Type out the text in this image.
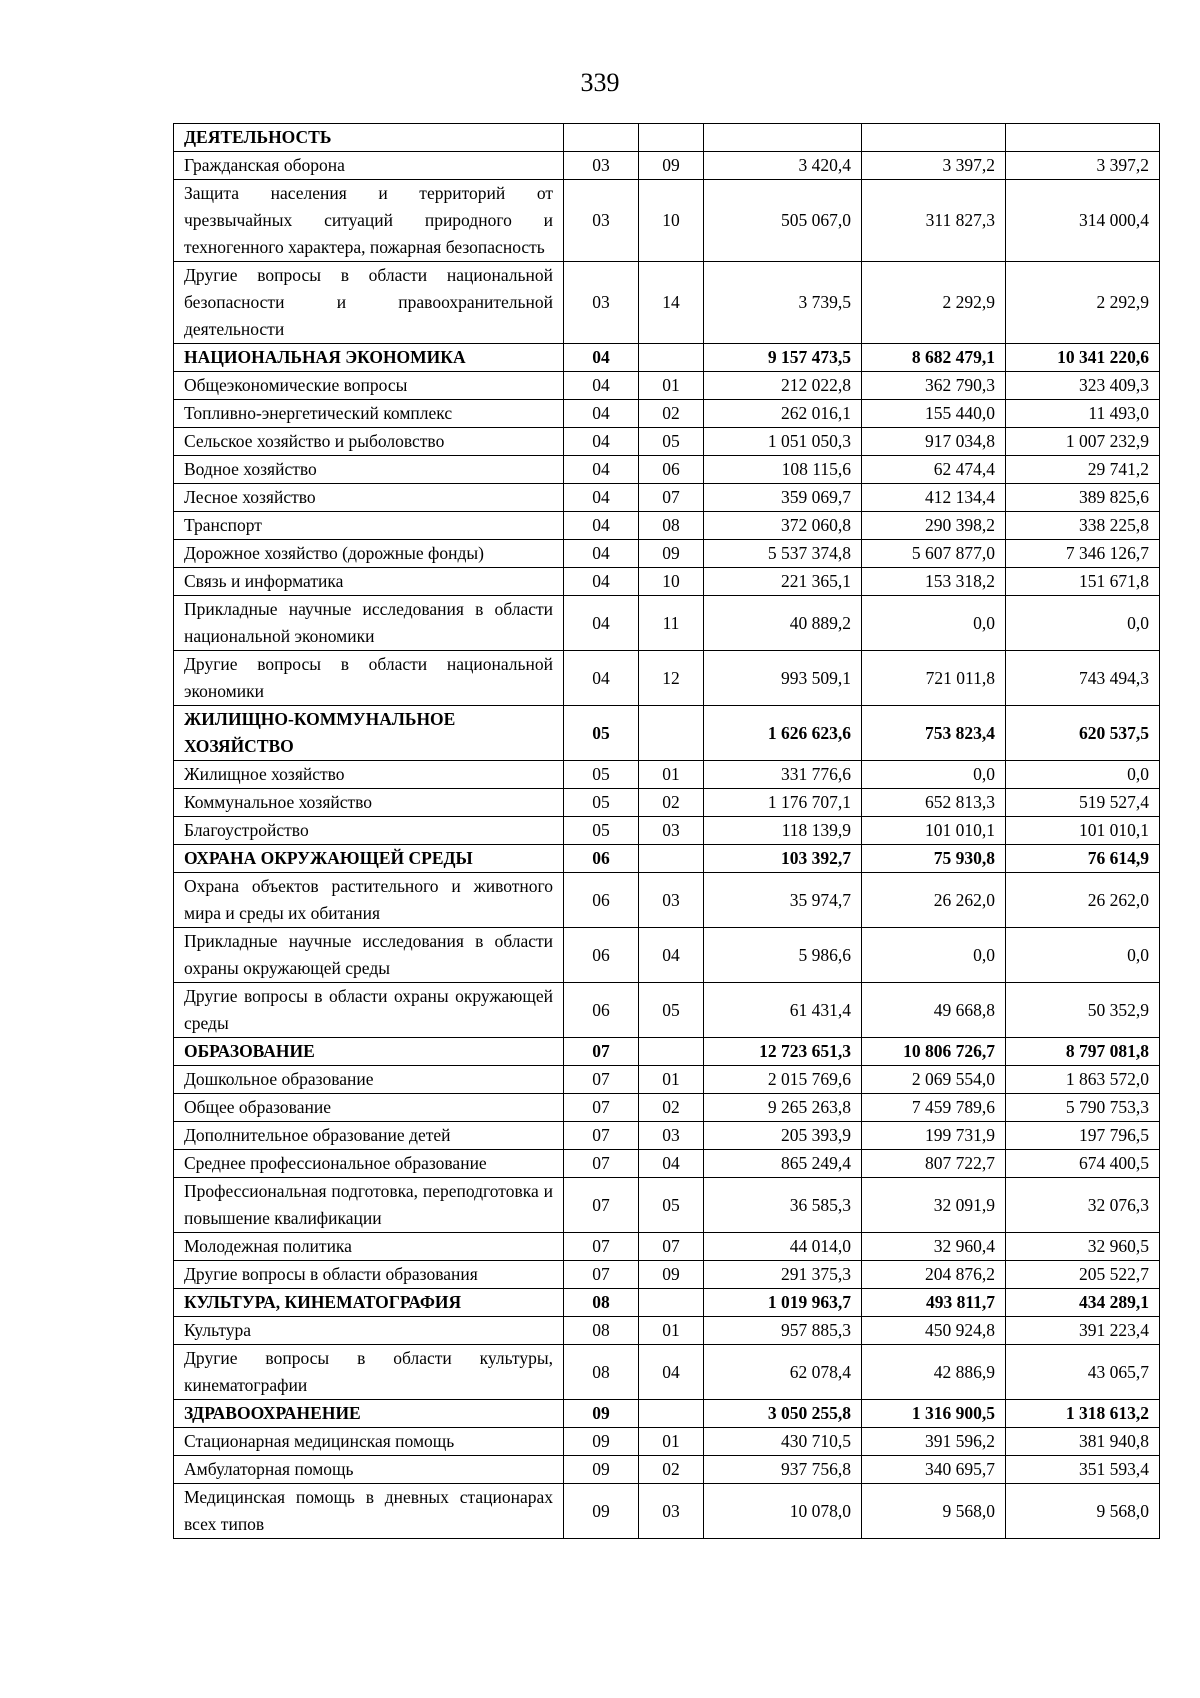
339
ДЕЯТЕЛЬНОСТЬ					
Гражданская оборона	03	09	3 420,4	3 397,2	3 397,2
Защита населения и территорий от чрезвычайных ситуаций природного и техногенного характера, пожарная безопасность	03	10	505 067,0	311 827,3	314 000,4
Другие вопросы в области национальной безопасности и правоохранительной деятельности	03	14	3 739,5	2 292,9	2 292,9
НАЦИОНАЛЬНАЯ ЭКОНОМИКА	04		9 157 473,5	8 682 479,1	10 341 220,6
Общеэкономические вопросы	04	01	212 022,8	362 790,3	323 409,3
Топливно-энергетический комплекс	04	02	262 016,1	155 440,0	11 493,0
Сельское хозяйство и рыболовство	04	05	1 051 050,3	917 034,8	1 007 232,9
Водное хозяйство	04	06	108 115,6	62 474,4	29 741,2
Лесное хозяйство	04	07	359 069,7	412 134,4	389 825,6
Транспорт	04	08	372 060,8	290 398,2	338 225,8
Дорожное хозяйство (дорожные фонды)	04	09	5 537 374,8	5 607 877,0	7 346 126,7
Связь и информатика	04	10	221 365,1	153 318,2	151 671,8
Прикладные научные исследования в области национальной экономики	04	11	40 889,2	0,0	0,0
Другие вопросы в области национальной экономики	04	12	993 509,1	721 011,8	743 494,3
ЖИЛИЩНО-КОММУНАЛЬНОЕ ХОЗЯЙСТВО	05		1 626 623,6	753 823,4	620 537,5
Жилищное хозяйство	05	01	331 776,6	0,0	0,0
Коммунальное хозяйство	05	02	1 176 707,1	652 813,3	519 527,4
Благоустройство	05	03	118 139,9	101 010,1	101 010,1
ОХРАНА ОКРУЖАЮЩЕЙ СРЕДЫ	06		103 392,7	75 930,8	76 614,9
Охрана объектов растительного и животного мира и среды их обитания	06	03	35 974,7	26 262,0	26 262,0
Прикладные научные исследования в области охраны окружающей среды	06	04	5 986,6	0,0	0,0
Другие вопросы в области охраны окружающей среды	06	05	61 431,4	49 668,8	50 352,9
ОБРАЗОВАНИЕ	07		12 723 651,3	10 806 726,7	8 797 081,8
Дошкольное образование	07	01	2 015 769,6	2 069 554,0	1 863 572,0
Общее образование	07	02	9 265 263,8	7 459 789,6	5 790 753,3
Дополнительное образование детей	07	03	205 393,9	199 731,9	197 796,5
Среднее профессиональное образование	07	04	865 249,4	807 722,7	674 400,5
Профессиональная подготовка, переподготовка и повышение квалификации	07	05	36 585,3	32 091,9	32 076,3
Молодежная политика	07	07	44 014,0	32 960,4	32 960,5
Другие вопросы в области образования	07	09	291 375,3	204 876,2	205 522,7
КУЛЬТУРА, КИНЕМАТОГРАФИЯ	08		1 019 963,7	493 811,7	434 289,1
Культура	08	01	957 885,3	450 924,8	391 223,4
Другие вопросы в области культуры, кинематографии	08	04	62 078,4	42 886,9	43 065,7
ЗДРАВООХРАНЕНИЕ	09		3 050 255,8	1 316 900,5	1 318 613,2
Стационарная медицинская помощь	09	01	430 710,5	391 596,2	381 940,8
Амбулаторная помощь	09	02	937 756,8	340 695,7	351 593,4
Медицинская помощь в дневных стационарах всех типов	09	03	10 078,0	9 568,0	9 568,0
